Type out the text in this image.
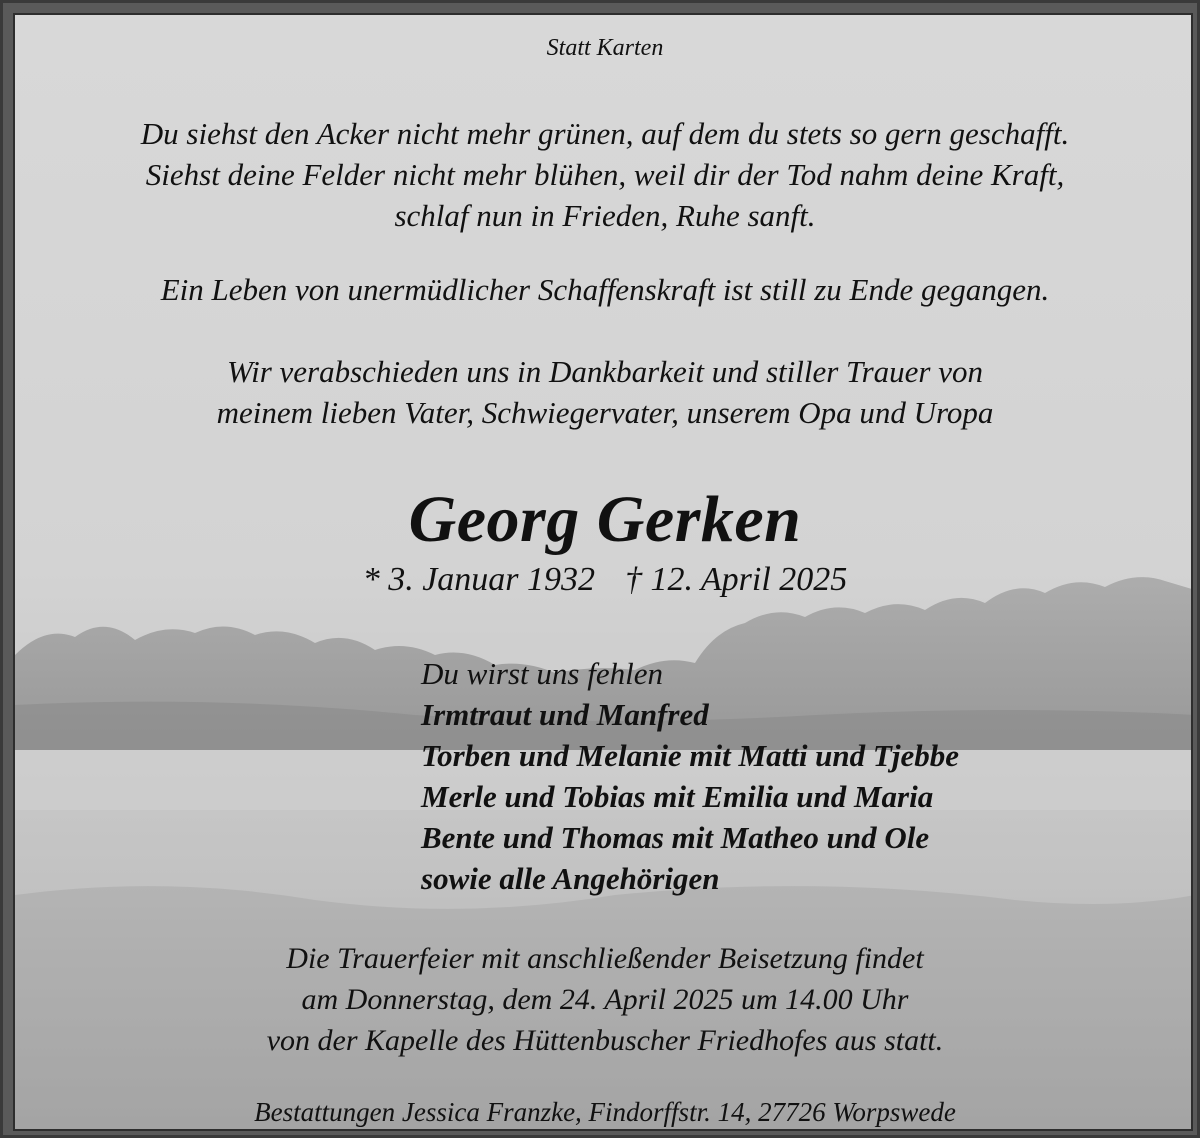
Statt Karten
Du siehst den Acker nicht mehr grünen, auf dem du stets so gern geschafft.
Siehst deine Felder nicht mehr blühen, weil dir der Tod nahm deine Kraft,
schlaf nun in Frieden, Ruhe sanft.
Ein Leben von unermüdlicher Schaffenskraft ist still zu Ende gegangen.
Wir verabschieden uns in Dankbarkeit und stiller Trauer von
meinem lieben Vater, Schwiegervater, unserem Opa und Uropa
Georg Gerken
* 3. Januar 1932 † 12. April 2025
Du wirst uns fehlen
Irmtraut und Manfred
Torben und Melanie mit Matti und Tjebbe
Merle und Tobias mit Emilia und Maria
Bente und Thomas mit Matheo und Ole
sowie alle Angehörigen
Die Trauerfeier mit anschließender Beisetzung findet
am Donnerstag, dem 24. April 2025 um 14.00 Uhr
von der Kapelle des Hüttenbuscher Friedhofes aus statt.
Bestattungen Jessica Franzke, Findorffstr. 14, 27726 Worpswede
